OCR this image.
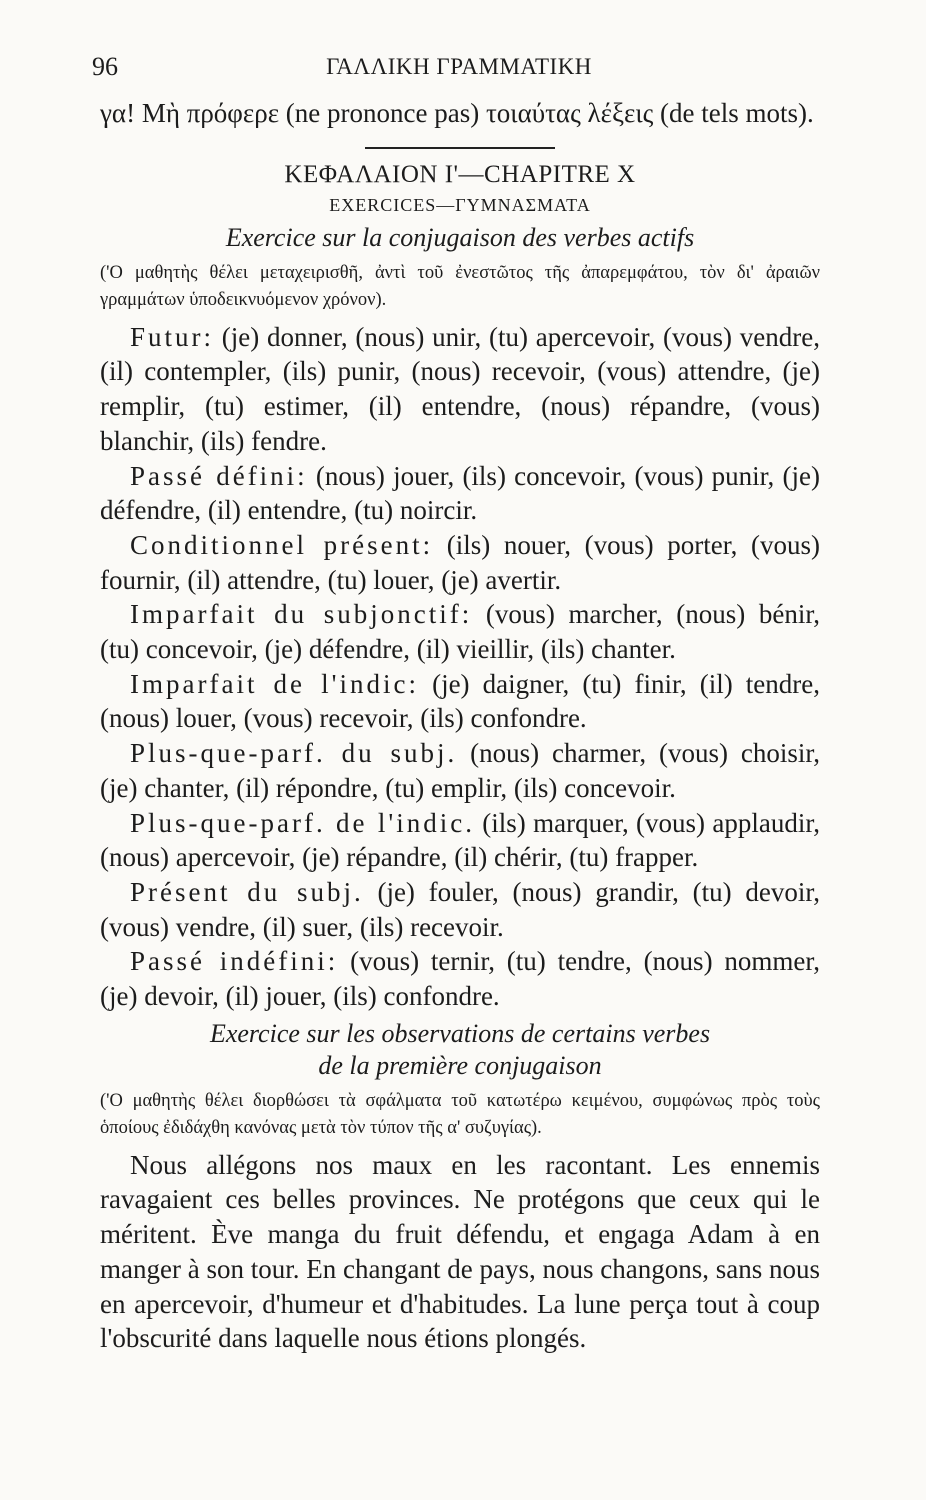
96	ΓΑΛΛΙΚΗ ΓΡΑΜΜΑΤΙΚΗ

γα! Μὴ πρόφερε (ne prononce pas) τοιαύτας λέξεις (de tels mots).

ΚΕΦΑΛΑΙΟΝ Ι'—CHAPITRE X
EXERCICES—ΓΥΜΝΑΣΜΑΤΑ
Exercice sur la conjugaison des verbes actifs

('Ο μαθητὴς θέλει μεταχειρισθῆ, ἀντὶ τοῦ ἐνεστῶτος τῆς ἀπαρεμφάτου, τὸν δι' ἀραιῶν γραμμάτων ὑποδεικνυόμενον χρόνον).

Futur: (je) donner, (nous) unir, (tu) apercevoir, (vous) vendre, (il) contempler, (ils) punir, (nous) recevoir, (vous) attendre, (je) remplir, (tu) estimer, (il) entendre, (nous) répandre, (vous) blanchir, (ils) fendre.

Passé défini: (nous) jouer, (ils) concevoir, (vous) punir, (je) défendre, (il) entendre, (tu) noircir.

Conditionnel présent: (ils) nouer, (vous) porter, (vous) fournir, (il) attendre, (tu) louer, (je) avertir.

Imparfait du subjonctif: (vous) marcher, (nous) bénir, (tu) concevoir, (je) défendre, (il) vieillir, (ils) chanter.

Imparfait de l'indic: (je) daigner, (tu) finir, (il) tendre, (nous) louer, (vous) recevoir, (ils) confondre.

Plus-que-parf. du subj. (nous) charmer, (vous) choisir, (je) chanter, (il) répondre, (tu) emplir, (ils) concevoir.

Plus-que-parf. de l'indic. (ils) marquer, (vous) applaudir, (nous) apercevoir, (je) répandre, (il) chérir, (tu) frapper.

Présent du subj. (je) fouler, (nous) grandir, (tu) devoir, (vous) vendre, (il) suer, (ils) recevoir.

Passé indéfini: (vous) ternir, (tu) tendre, (nous) nommer, (je) devoir, (il) jouer, (ils) confondre.

Exercice sur les observations de certains verbes
de la première conjugaison

('Ο μαθητὴς θέλει διορθώσει τὰ σφάλματα τοῦ κατωτέρω κειμένου, συμφώνως πρὸς τοὺς ὁποίους ἐδιδάχθη κανόνας μετὰ τὸν τύπον τῆς α' συζυγίας).

Nous allégons nos maux en les racontant. Les ennemis ravagaient ces belles provinces. Ne protégons que ceux qui le méritent. Ève manga du fruit défendu, et engaga Adam à en manger à son tour. En changant de pays, nous changons, sans nous en apercevoir, d'humeur et d'habitudes. La lune perça tout à coup l'obscurité dans laquelle nous étions plongés.
